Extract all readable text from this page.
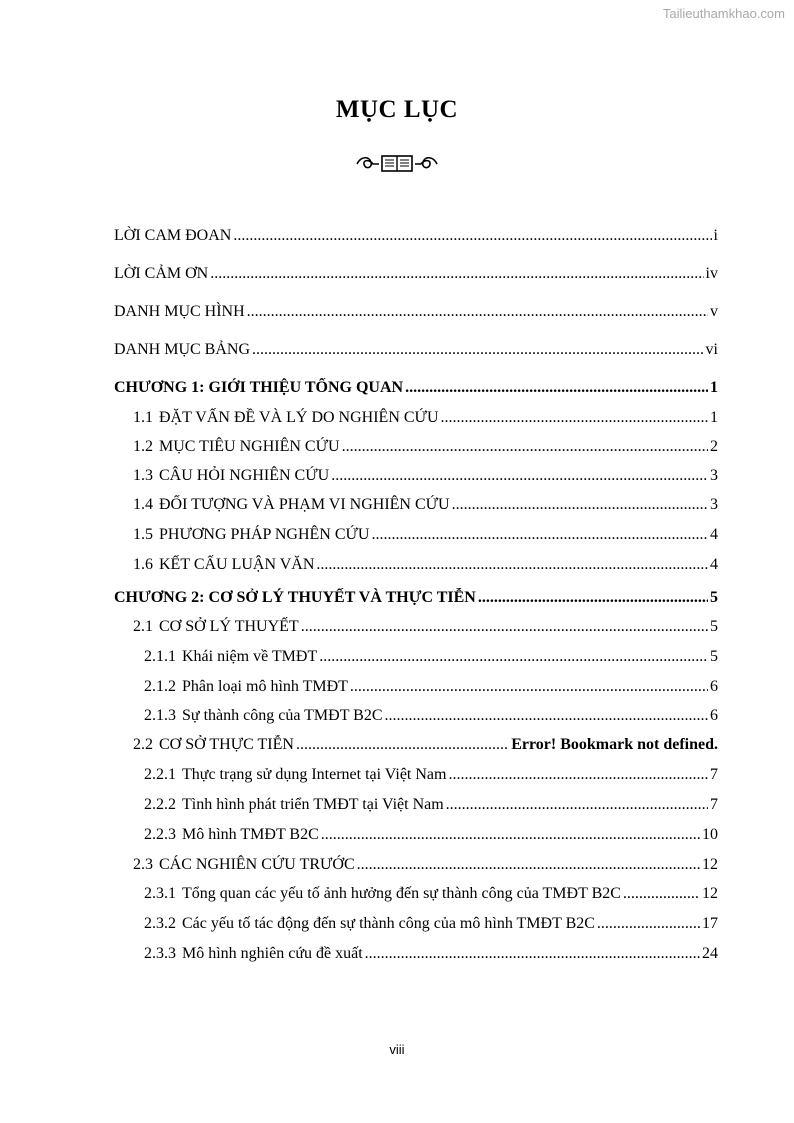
Tailieuthamkhao.com
MỤC LỤC
LỜI CAM ĐOAN .....	i
LỜI CẢM ƠN .....	iv
DANH MỤC HÌNH .....	v
DANH MỤC BẢNG .....	vi
CHƯƠNG 1: GIỚI THIỆU TỔNG QUAN .....	1
1.1 ĐẶT VẤN ĐỀ VÀ LÝ DO NGHIÊN CỨU .....	1
1.2 MỤC TIÊU NGHIÊN CỨU .....	2
1.3 CÂU HỎI NGHIÊN CỨU .....	3
1.4 ĐỐI TƯỢNG VÀ PHẠM VI NGHIÊN CỨU .....	3
1.5 PHƯƠNG PHÁP NGHÊN CỨU .....	4
1.6 KẾT CẤU LUẬN VĂN .....	4
CHƯƠNG 2: CƠ SỞ LÝ THUYẾT VÀ THỰC TIỄN .....	5
2.1 CƠ SỞ LÝ THUYẾT .....	5
2.1.1 Khái niệm về TMĐT .....	5
2.1.2 Phân loại mô hình TMĐT .....	6
2.1.3 Sự thành công của TMĐT B2C .....	6
2.2 CƠ SỞ THỰC TIỄN .....	Error! Bookmark not defined.
2.2.1 Thực trạng sử dụng Internet tại Việt Nam .....	7
2.2.2 Tình hình phát triển TMĐT tại Việt Nam .....	7
2.2.3 Mô hình TMĐT B2C .....	10
2.3 CÁC NGHIÊN CỨU TRƯỚC .....	12
2.3.1 Tổng quan các yếu tố ảnh hưởng đến sự thành công của TMĐT B2C .....	12
2.3.2 Các yếu tố tác động đến sự thành công của mô hình TMĐT B2C .....	17
2.3.3 Mô hình nghiên cứu đề xuất .....	24
viii
